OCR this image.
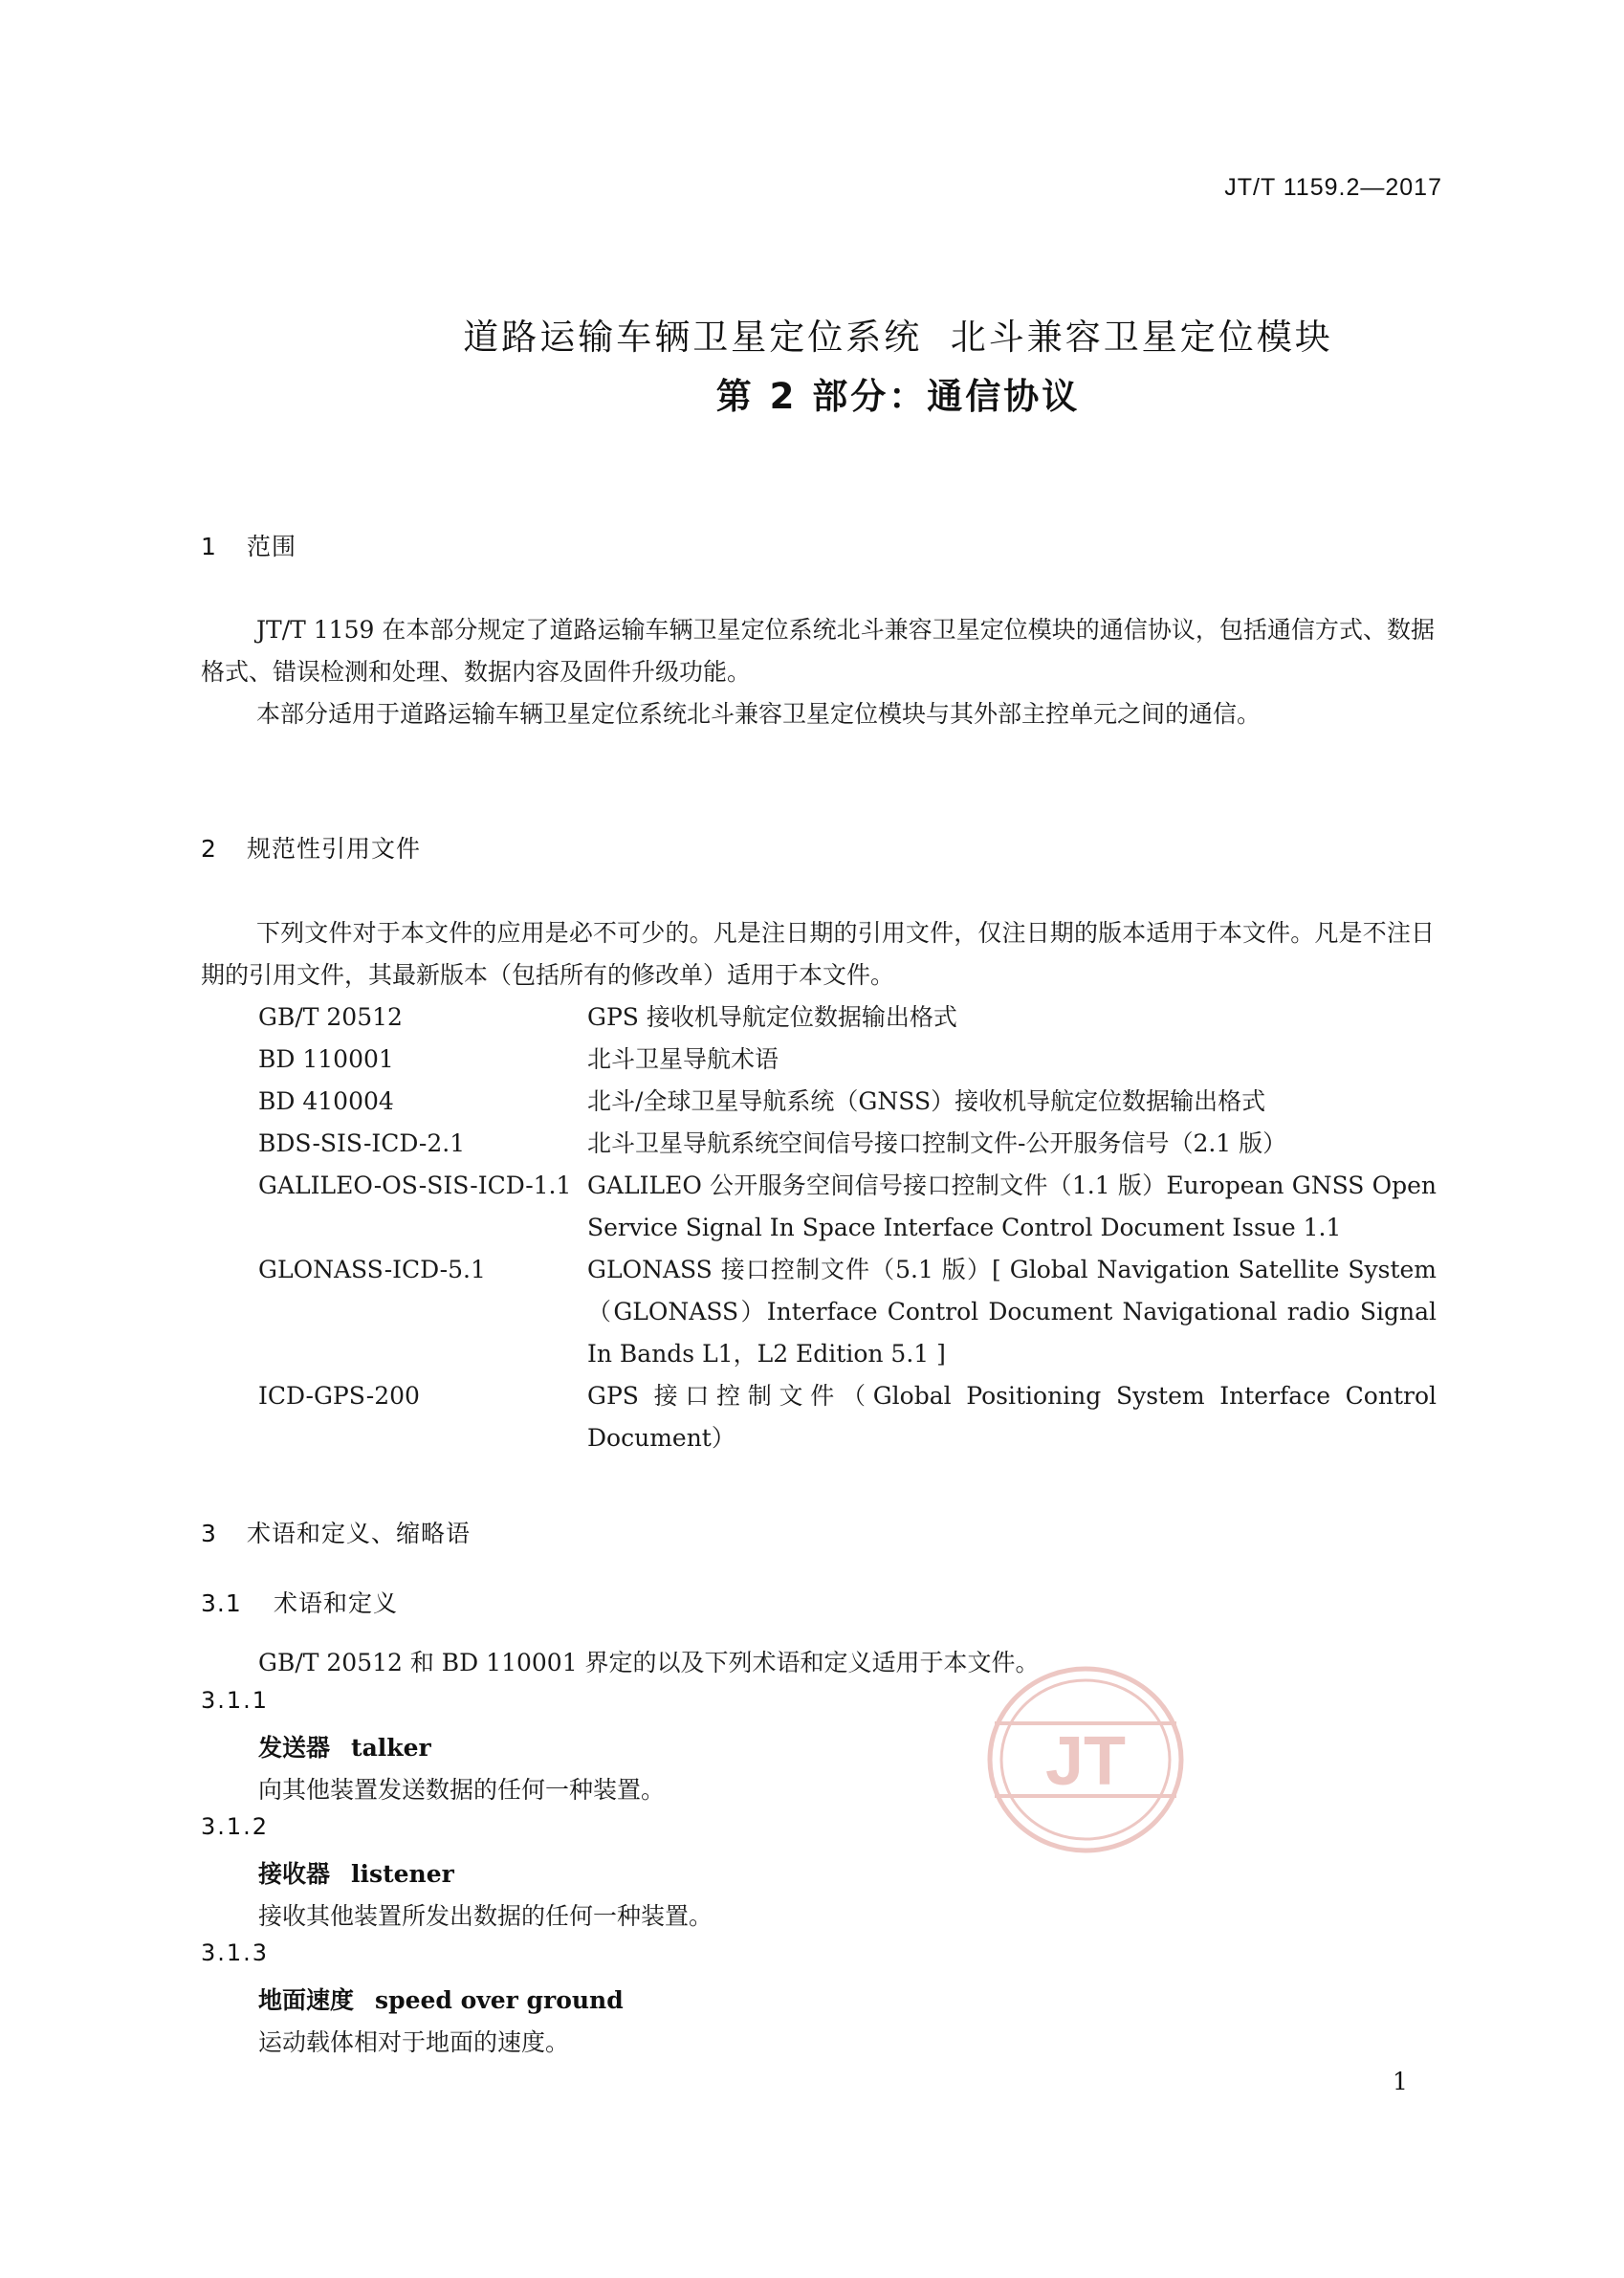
JT/T 1159.2—2017
道路运输车辆卫星定位系统  北斗兼容卫星定位模块
第 2 部分：通信协议
1 范围
JT/T 1159 在本部分规定了道路运输车辆卫星定位系统北斗兼容卫星定位模块的通信协议，包括通信方式、数据格式、错误检测和处理、数据内容及固件升级功能。
本部分适用于道路运输车辆卫星定位系统北斗兼容卫星定位模块与其外部主控单元之间的通信。
2 规范性引用文件
下列文件对于本文件的应用是必不可少的。凡是注日期的引用文件，仅注日期的版本适用于本文件。凡是不注日期的引用文件，其最新版本（包括所有的修改单）适用于本文件。
GB/T 20512	GPS 接收机导航定位数据输出格式
BD 110001	北斗卫星导航术语
BD 410004	北斗/全球卫星导航系统（GNSS）接收机导航定位数据输出格式
BDS-SIS-ICD-2.1	北斗卫星导航系统空间信号接口控制文件-公开服务信号（2.1 版）
GALILEO-OS-SIS-ICD-1.1 GALILEO 公开服务空间信号接口控制文件（1.1 版）European GNSS Open Service Signal In Space Interface Control Document Issue 1.1
GLONASS-ICD-5.1	GLONASS 接口控制文件（5.1 版）[ Global Navigation Satellite System（GLONASS）Interface Control Document Navigational radio Signal In Bands L1，L2 Edition 5.1 ]
ICD-GPS-200	GPS 接口控制文件（Global Positioning System Interface Control Document）
3 术语和定义、缩略语
3.1 术语和定义
GB/T 20512 和 BD 110001 界定的以及下列术语和定义适用于本文件。
3.1.1
发送器 talker
向其他装置发送数据的任何一种装置。
3.1.2
接收器 listener
接收其他装置所发出数据的任何一种装置。
3.1.3
地面速度 speed over ground
运动载体相对于地面的速度。
JT
1
